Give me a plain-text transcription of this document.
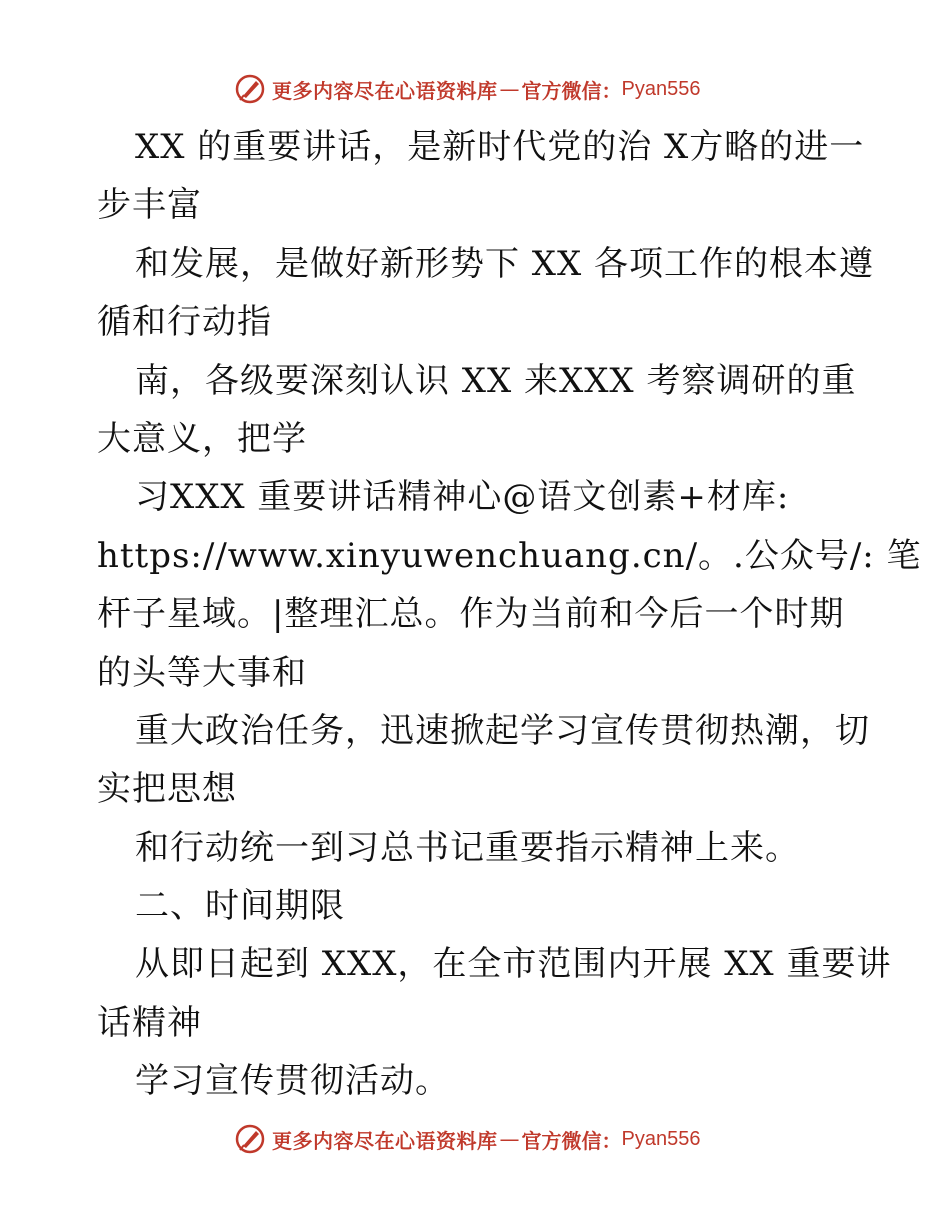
更多内容尽在心语资料库 — 官方微信： Pyan556
XX 的重要讲话，是新时代党的治 X方略的进一
步丰富
和发展，是做好新形势下 XX 各项工作的根本遵
循和行动指
南，各级要深刻认识 XX 来XXX 考察调研的重
大意义，把学
习XXX 重要讲话精神心@语文创素+材库:
https://www.xinyuwenchuang.cn/。.公众号/: 笔
杆子星域。|整理汇总。作为当前和今后一个时期
的头等大事和
重大政治任务，迅速掀起学习宣传贯彻热潮，切
实把思想
和行动统一到习总书记重要指示精神上来。
二、时间期限
从即日起到 XXX，在全市范围内开展 XX 重要讲
话精神
学习宣传贯彻活动。
更多内容尽在心语资料库 — 官方微信： Pyan556
